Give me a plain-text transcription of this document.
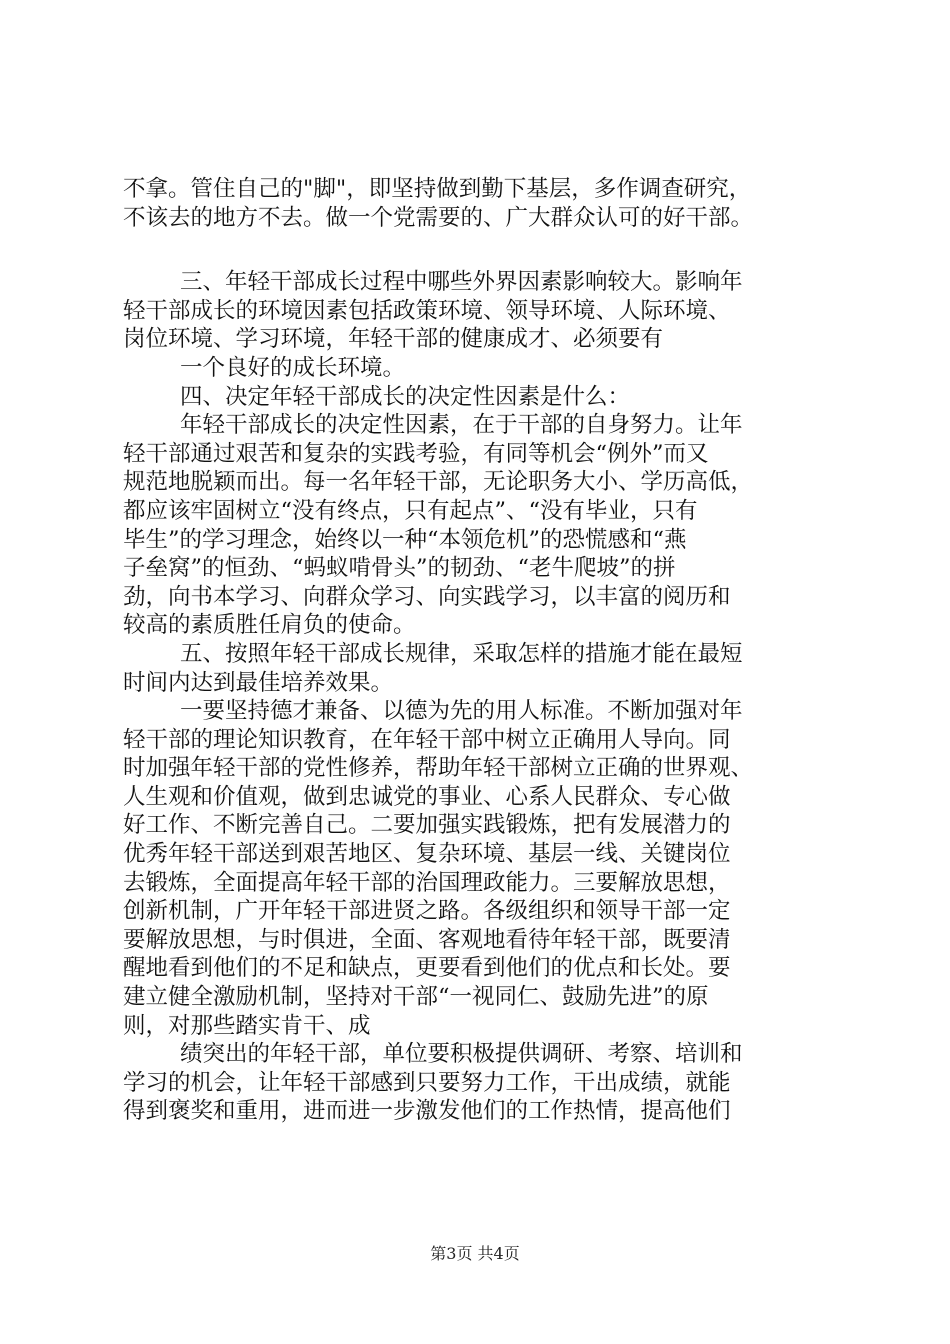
不拿。管住自己的"脚"，即坚持做到勤下基层，多作调查研究，
不该去的地方不去。做一个党需要的、广大群众认可的好干部。
三、年轻干部成长过程中哪些外界因素影响较大。影响年
轻干部成长的环境因素包括政策环境、领导环境、人际环境、
岗位环境、学习环境，年轻干部的健康成才、必须要有
一个良好的成长环境。
四、决定年轻干部成长的决定性因素是什么：
年轻干部成长的决定性因素，在于干部的自身努力。让年
轻干部通过艰苦和复杂的实践考验，有同等机会“例外”而又
规范地脱颖而出。每一名年轻干部，无论职务大小、学历高低，
都应该牢固树立“没有终点，只有起点”、“没有毕业，只有
毕生”的学习理念，始终以一种“本领危机”的恐慌感和“燕
子垒窝”的恒劲、“蚂蚁啃骨头”的韧劲、“老牛爬坡”的拼
劲，向书本学习、向群众学习、向实践学习，以丰富的阅历和
较高的素质胜任肩负的使命。
五、按照年轻干部成长规律，采取怎样的措施才能在最短
时间内达到最佳培养效果。
一要坚持德才兼备、以德为先的用人标准。不断加强对年
轻干部的理论知识教育，在年轻干部中树立正确用人导向。同
时加强年轻干部的党性修养，帮助年轻干部树立正确的世界观、
人生观和价值观，做到忠诚党的事业、心系人民群众、专心做
好工作、不断完善自己。二要加强实践锻炼，把有发展潜力的
优秀年轻干部送到艰苦地区、复杂环境、基层一线、关键岗位
去锻炼，全面提高年轻干部的治国理政能力。三要解放思想，
创新机制，广开年轻干部进贤之路。各级组织和领导干部一定
要解放思想，与时俱进，全面、客观地看待年轻干部，既要清
醒地看到他们的不足和缺点，更要看到他们的优点和长处。要
建立健全激励机制，坚持对干部“一视同仁、鼓励先进”的原
则，对那些踏实肯干、成
绩突出的年轻干部，单位要积极提供调研、考察、培训和
学习的机会，让年轻干部感到只要努力工作，干出成绩，就能
得到褒奖和重用，进而进一步激发他们的工作热情，提高他们
第3页 共4页
